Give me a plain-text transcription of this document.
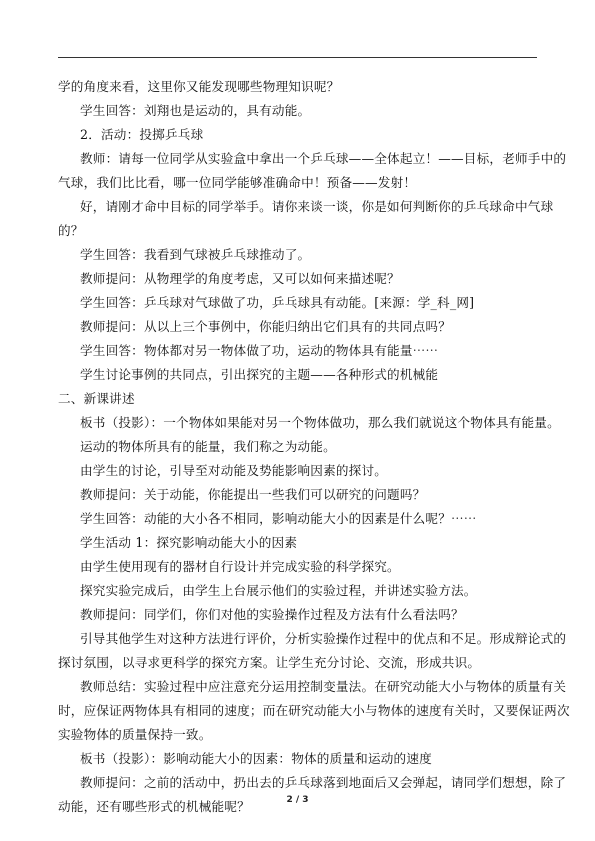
学的角度来看，这里你又能发现哪些物理知识呢？
学生回答：刘翔也是运动的，具有动能。
2．活动：投掷乒乓球
教师：请每一位同学从实验盒中拿出一个乒乓球——全体起立！——目标，老师手中的
气球，我们比比看，哪一位同学能够准确命中！预备——发射！
好，请刚才命中目标的同学举手。请你来谈一谈，你是如何判断你的乒乓球命中气球
的？
学生回答：我看到气球被乒乓球推动了。
教师提问：从物理学的角度考虑，又可以如何来描述呢？
学生回答：乒乓球对气球做了功，乒乓球具有动能。[来源：学_科_网]
教师提问：从以上三个事例中，你能归纳出它们具有的共同点吗？
学生回答：物体都对另一物体做了功，运动的物体具有能量⋯⋯
学生讨论事例的共同点，引出探究的主题——各种形式的机械能
二、新课讲述
板书（投影）：一个物体如果能对另一个物体做功，那么我们就说这个物体具有能量。
运动的物体所具有的能量，我们称之为动能。
由学生的讨论，引导至对动能及势能影响因素的探讨。
教师提问：关于动能，你能提出一些我们可以研究的问题吗？
学生回答：动能的大小各不相同，影响动能大小的因素是什么呢？⋯⋯
学生活动 1：探究影响动能大小的因素
由学生使用现有的器材自行设计并完成实验的科学探究。
探究实验完成后，由学生上台展示他们的实验过程，并讲述实验方法。
教师提问：同学们，你们对他的实验操作过程及方法有什么看法吗？
引导其他学生对这种方法进行评价，分析实验操作过程中的优点和不足。形成辩论式的
探讨氛围，以寻求更科学的探究方案。让学生充分讨论、交流，形成共识。
教师总结：实验过程中应注意充分运用控制变量法。在研究动能大小与物体的质量有关
时，应保证两物体具有相同的速度；而在研究动能大小与物体的速度有关时，又要保证两次
实验物体的质量保持一致。
板书（投影）：影响动能大小的因素：物体的质量和运动的速度
教师提问：之前的活动中，扔出去的乒乓球落到地面后又会弹起，请同学们想想，除了
动能，还有哪些形式的机械能呢？	2 / 3
